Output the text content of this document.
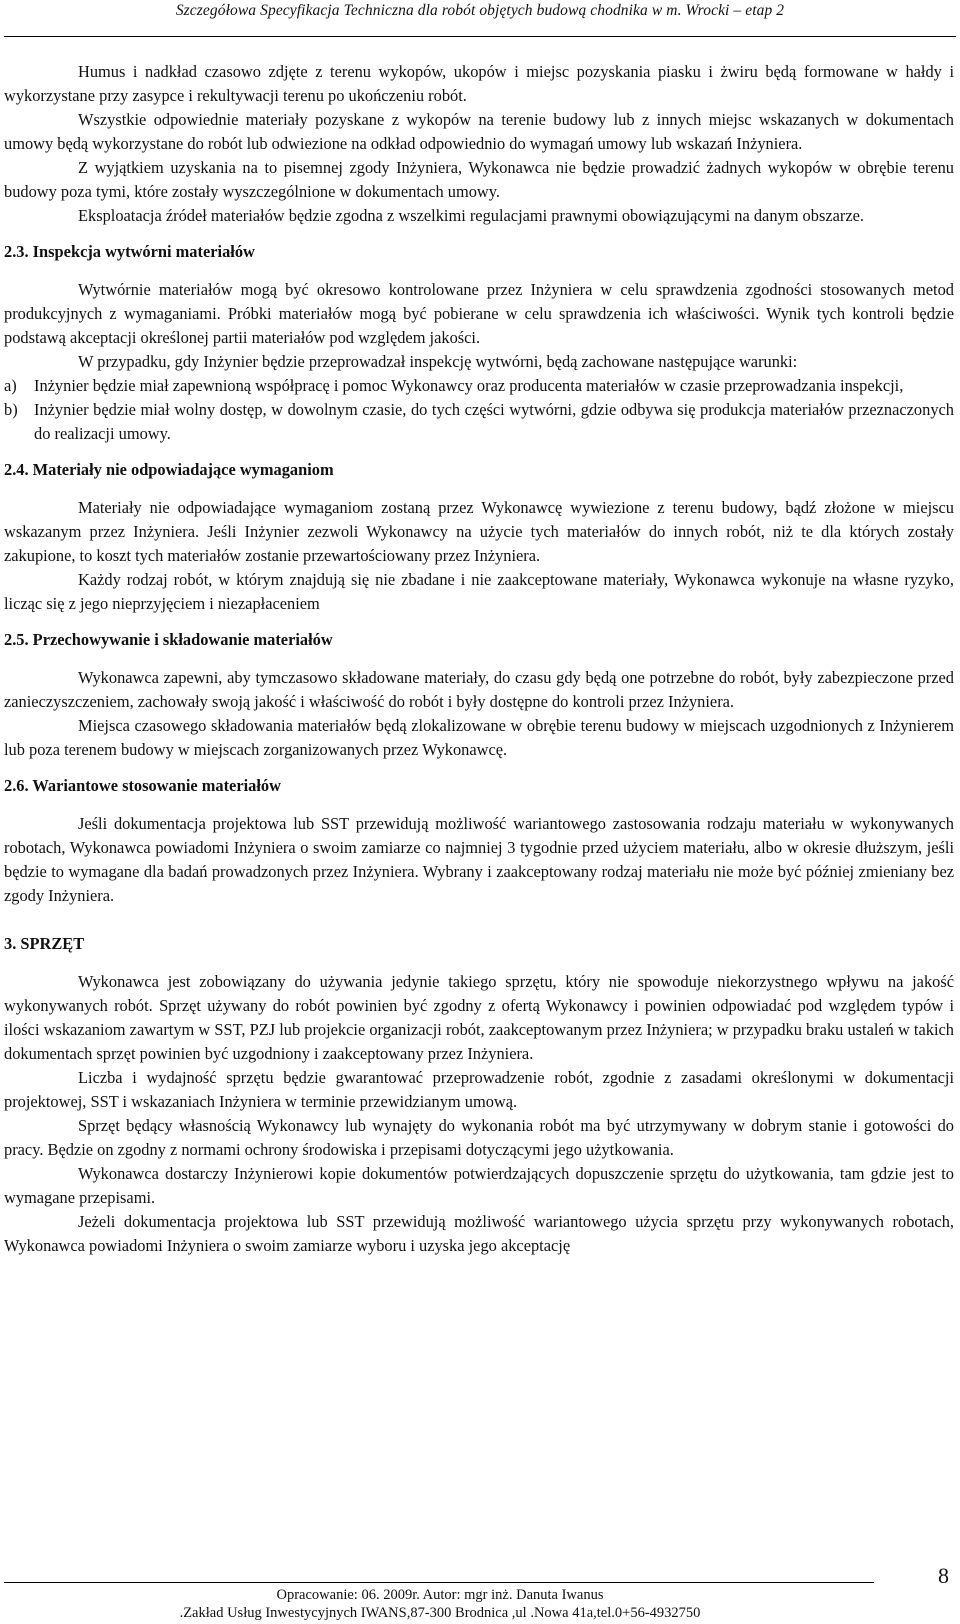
Szczegółowa Specyfikacja Techniczna dla robót objętych budową chodnika w m. Wrocki – etap 2

Humus i nadkład czasowo zdjęte z terenu wykopów, ukopów i miejsc pozyskania piasku i żwiru będą formowane w hałdy i wykorzystane przy zasypce i rekultywacji terenu po ukończeniu robót.

Wszystkie odpowiednie materiały pozyskane z wykopów na terenie budowy lub z innych miejsc wskazanych w dokumentach umowy będą wykorzystane do robót lub odwiezione na odkład odpowiednio do wymagań umowy lub wskazań Inżyniera.

Z wyjątkiem uzyskania na to pisemnej zgody Inżyniera, Wykonawca nie będzie prowadzić żadnych wykopów w obrębie terenu budowy poza tymi, które zostały wyszczególnione w dokumentach umowy.

Eksploatacja źródeł materiałów będzie zgodna z wszelkimi regulacjami prawnymi obowiązującymi na danym obszarze.

2.3. Inspekcja wytwórni materiałów

Wytwórnie materiałów mogą być okresowo kontrolowane przez Inżyniera w celu sprawdzenia zgodności stosowanych metod produkcyjnych z wymaganiami. Próbki materiałów mogą być pobierane w celu sprawdzenia ich właściwości. Wynik tych kontroli będzie podstawą akceptacji określonej partii materiałów pod względem jakości.

W przypadku, gdy Inżynier będzie przeprowadzał inspekcję wytwórni, będą zachowane następujące warunki:

a)	Inżynier będzie miał zapewnioną współpracę i pomoc Wykonawcy oraz producenta materiałów w czasie przeprowadzania inspekcji,
b) Inżynier będzie miał wolny dostęp, w dowolnym czasie, do tych części wytwórni, gdzie odbywa się produkcja materiałów przeznaczonych do realizacji umowy.
2.4. Materiały nie odpowiadające wymaganiom

Materiały nie odpowiadające wymaganiom zostaną przez Wykonawcę wywiezione z terenu budowy, bądź złożone w miejscu wskazanym przez Inżyniera. Jeśli Inżynier zezwoli Wykonawcy na użycie tych materiałów do innych robót, niż te dla których zostały zakupione, to koszt tych materiałów zostanie przewartościowany przez Inżyniera.

Każdy rodzaj robót, w którym znajdują się nie zbadane i nie zaakceptowane materiały, Wykonawca wykonuje na własne ryzyko, licząc się z jego nieprzyjęciem i niezapłaceniem

2.5. Przechowywanie i składowanie materiałów

Wykonawca zapewni, aby tymczasowo składowane materiały, do czasu gdy będą one potrzebne do robót, były zabezpieczone przed zanieczyszczeniem, zachowały swoją jakość i właściwość do robót i były dostępne do kontroli przez Inżyniera.

Miejsca czasowego składowania materiałów będą zlokalizowane w obrębie terenu budowy w miejscach uzgodnionych z Inżynierem lub poza terenem budowy w miejscach zorganizowanych przez Wykonawcę.

2.6. Wariantowe stosowanie materiałów

Jeśli dokumentacja projektowa lub SST przewidują możliwość wariantowego zastosowania rodzaju materiału w wykonywanych robotach, Wykonawca powiadomi Inżyniera o swoim zamiarze co najmniej 3 tygodnie przed użyciem materiału, albo w okresie dłuższym, jeśli będzie to wymagane dla badań prowadzonych przez Inżyniera. Wybrany i zaakceptowany rodzaj materiału nie może być później zmieniany bez zgody Inżyniera.

3. SPRZĘT

Wykonawca jest zobowiązany do używania jedynie takiego sprzętu, który nie spowoduje niekorzystnego wpływu na jakość wykonywanych robót. Sprzęt używany do robót powinien być zgodny z ofertą Wykonawcy i powinien odpowiadać pod względem typów i ilości wskazaniom zawartym w SST, PZJ lub projekcie organizacji robót, zaakceptowanym przez Inżyniera; w przypadku braku ustaleń w takich dokumentach sprzęt powinien być uzgodniony i zaakceptowany przez Inżyniera.

Liczba i wydajność sprzętu będzie gwarantować przeprowadzenie robót, zgodnie z zasadami określonymi w dokumentacji projektowej, SST i wskazaniach Inżyniera w terminie przewidzianym umową.

Sprzęt będący własnością Wykonawcy lub wynajęty do wykonania robót ma być utrzymywany w dobrym stanie i gotowości do pracy. Będzie on zgodny z normami ochrony środowiska i przepisami dotyczącymi jego użytkowania.

Wykonawca dostarczy Inżynierowi kopie dokumentów potwierdzających dopuszczenie sprzętu do użytkowania, tam gdzie jest to wymagane przepisami.

Jeżeli dokumentacja projektowa lub SST przewidują możliwość wariantowego użycia sprzętu przy wykonywanych robotach, Wykonawca powiadomi Inżyniera o swoim zamiarze wyboru i uzyska jego akceptację

Opracowanie: 06. 2009r. Autor: mgr inż. Danuta Iwanus
.Zakład Usług Inwestycyjnych IWANS,87-300 Brodnica ,ul .Nowa 41a,tel.0+56-4932750
8
